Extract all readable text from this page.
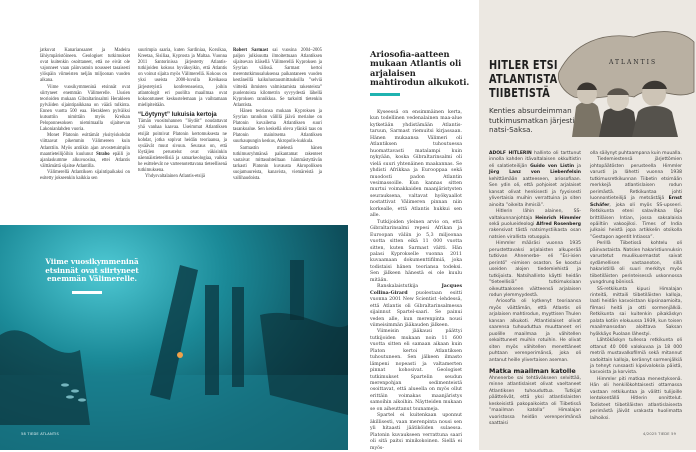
jatkuvat Kanariansaaret ja Madeira lähiympäristöineen. Geologiset tutkimukset ovat kuitenkin osoittaneet, että ne eivät ole vajonneet vaan päinvastoin nousseet tasaisesti ylöspäin viimeisten neljän miljoonan vuoden aikana.

Viime vuosikymmeninä etsinnät ovat siirtyneet enemmän Välimerelle. Uusien teorioiden mukaan Gibraltarinsalmi Herakleen pylväiden sijaintipaikkana on väärä tulkinta. Ennen vuotta 500 eaa. Herakleen pylväiksi kutsuttiin nimittäin myös Kreikan Peloponnesoksen niemimaalla sijaitsevan Lakonianlahden vuoria.

Monet Platonin esittämät yksityiskohdat viittaavat pikemmin Välimereen kuin Atlanttiin. Myös antiikin ajan arvostetuimpiin maantieteilijöihin kuulunut Strabo epäili jo ajanlaskumme alkuvuosina, ettei Atlantis välttämättä sijaitse Atlantilla.

Välimerellä Atlantiksen sijaintipaikaksi on esitetty jokseenkin kaikkia sen

suurimpia saaria, kuten Sardiniaa, Korsikaa, Kreetaa, Sisiliaa, Kyprosta ja Maltaa. Vuonna 2011 Santorinissa järjestetty Atlantis-tutkijoiden kokous hyväksyikin, että Atlantis on voinut sijaita myös Välimerellä. Kokous on yksi useista 2000-luvulla Kreikassa järjestetyistä konferensseista, joihin atlantologit eri puolilta maailmaa ovat kokoontuneet keskustelemaan ja vaihtamaan mielipiteitään.

“Löytynyt” lukuisia kertoja

Tämän vuosituhannen ”löydöt” noudattavat yhä vanhaa kaavaa. Useimmat Atlantiksen etsijät poimivat Platonin kertomuksesta ne kohdat, jotka sopivat heidän teoriaansa, ja sysäävät muut sivuun. Seuraus on, että löytäjien perustelut ovat väkisinkin näennäistieteellisiä ja satuarkeologiaa, vaikka he esittelevät ne varteenotettavana tieteellisenä tutkimuksena.

Yhdysvaltalainen Atlantis-etsijä

Robert Sarmast sai vuosina 2004–2005 paljon julkisuutta ilmoitettuaan Atlantiksen sijaitsevan itäisellä Välimerellä Kyproksen ja Syyrian välissä. Sarmast kertoi merentutkimusaluksensa paikantaneen vuoden kestäneillä kaikuluotausmittauksilla ”selviä viitteitä ihmisten valmistamista rakenteista” puolentoista kilometrin syvyydestä lähellä Kyproksen rannikkoa. Se tarkoitti tietenkin Atlantista.

Hänen teoriansa mukaan Kyproksen ja Syyrian rannikon välillä jäävä merialue on Platonin kuvailema Atlantiksen suuri tasankoalue. Sen keskellä oleva ylänkö taas on Platonin mainitsema Atlantiksen suurkaupungin keskus, Akropolis-kukkula.

Sarmastin mielestä hänen tutkimusryhmänsä paikantamat rakenteet vastaivat mittasuhteiltaan hämmästyttävän tarkasti Platonin kuvausta Akropoliksen suojamuureista, kanavista, viemäreistä ja vallihaudoista.

Viime vuosikymmeninä etsinnät ovat siirtyneet enemmän Välimerelle.
58 TIEDE ATLANTIS
Ariosofia-aatteen mukaan Atlantis oli arjalaisen mahtirodun alkukoti.

Kyseessä on ensimmäinen kerta, kun todellinen vedenalainen maa-alue kytketään yhdistämään Atlantis-taruun, Sarmast riemuitsi kirjassaan. Hänen mukaansa Välimeri oli Atlantiksen tuhoutuessa huomattavasti matalampi kuin nykyään, koska Gibraltarinsalmi oli vielä suuri yhtenäinen maakannas. Se yhdisti Afrikkaa ja Eurooppaa sekä muodosti padon Atlantin vesimassoille. Kun kannas sitten murtui voimakkaiden maanjäristysten seurauksena, valtavat hyökyaallot nostattivat Välimeren pinnan niin korkealle, että Atlantis hukkui sen alle.

Tutkijoiden yleinen arvio on, että Gibraltarinsalmi repesi Afrikan ja Euroopan väliin jo 5,3 miljoonaa vuotta sitten eikä 11 000 vuotta sitten, kuten Sarmast väitti. Hän palasi Kyprokselle vuonna 2011 kuvaamaan dokumenttifilmiä, joka todistaisi hänen teoriansa todeksi. Sen jälkeen hänestä ei ole kuulu mitään.

Ranskalaistutkija Jacques Collina-Girard puolestaan esitti vuonna 2001 New Scientist -lehdessä, että Atlantis oli Gibraltarinsalmessa sijainnut Spartel-saari. Se painui veden alle, kun merenpinta nousi viimeisimmän jääkauden jälkeen.

Viimeisin jääkausi päättyi tutkijoiden mukaan noin 11 600 vuotta sitten eli samaan aikaan kuin Platon kertoi Atlantiksen tuhoutuneen. Sen jälkeen ilmasto lämpeni nopeasti ja valtamerten pinnat kohosivat. Geologiset tutkimukset Spartelin seudun merenpohjan sedimenteistä osoittavat, että alueella on myös ollut erittäin voimakas maanjäristys samoihin aikoihin. Näytteiden mukaan se on aiheuttanut tsunameja.

Spartel ei kuitenkaan uponnut äkillisesti, vaan merenpinta nousi sen yli hitaasti jäätiköiden sulaessa. Platonin kuvaukseen verrattuna saari oli sitä paitsi minikokoinen. Siellä ei myös-

ATLANTIS
HITLER ETSI
ATLANTISTA
TIIBETISTÄ
Kenties absurdeimman tutkimusmatkan järjesti natsi-Saksa.

ADOLF HITLERIN hallinto oli tarttunut innolla kahden itävaltalaisen okkultistin eli salatieteilijän Guido von Listin ja Jörg Lanz von Liebenfelsin kehittämään aatteeseen, ariosofiaan. Sen ydin oli, että pohjoiset arjalaiset kansat olivat henkisesti ja fyysisesti ylivertaisia muihin verrattuina ja siten ainoita ”oikeita ihmisiä”.

Hitlerin lähin alainen, SS-valtakunnanjohtaja Heinrich Himmler sekä puolueideologi Alfred Rosenberg rakensivat tästä natsimystiikasta osan natsien virallista rotuoppia.

Himmler määräsi vuonna 1935 perustettavaksi arjalaisten alkuperää tutkivan Ahnenerbe- eli ”Esi-isien perintö” -nimisen osaston. Se koostui useiden alojen tiedemiehistä ja tutkijoista. Natsihallinto käytti heidän ”tieteellisiä” tutkimuksiaan oikeuttaakseen väitteensä arjalaisen rodun ylemmyydestä.

Ariosofia oli kytkenyt teoriaansa myös väittämän, että Atlantis oli arjalaisen mahtirodun, myyttisen Thulen kansan alkukoti. Atlantislaiset olivat saarensa tuhouduttua muuttaneet eri puolille maailmaa ja vähitellen sekoittuneet muihin rotuihin. He olivat siten myös vähitellen menettäneet puhtaan verenperimänsä, joka oli antanut heille ylivertaisen aseman.

Matka maailman katolle

Ahnenerbe sai tehtäväkseen selvittää, minne atlantislaiset olivat vaeltaneet Atlantiksen tuhouduttua. Tutkijat päättelivät, että yksi atlantislaisten keskeisistä pakopaikoista oli Tiibetissä ”maailman katolla” Himalajan vuoristossa heidän verenperimänsä saattaisi

olla säilynyt puhtaampana kuin muualla.

Tiedemiestensä järjettömien johtopäätösten perusteella Himmler varusti ja lähetti vuonna 1938 tutkimusretkikunnan Tiibetin etsimään merkkejä atlantislaisen rodun perimästä. Retkikuntaa johti luonnontieteilijä ja metsästäjä Ernst Schäfer, joka oli myös SS-upseeri. Retkikunta eteni salavihkaa läpi brittiläisen Intian, jossa saksalaisia epäiltiin vakoojiksi. Times of India julkaisi heistä jopa artikkelin otsikolla ”Gestapon agentit Intiassa”.

Perillä Tiibetissä kohtelu oli päinvastaista. Natsien hakaristiunnuksin varustetut muulikuormastot saivat sydämellisen vastaanoton, sillä hakaristillä oli suuri merkitys myös tiibetiläisten perinteisessä uskonnossa yungdrung bönissä.

SS-retkikunta kipusi Himalajan rinteitä, mittaili tiibetiläisten kalloja, laati heidän kasvoistaan kipsinaamioita, filmasi heitä ja otti sormenjälkiä. Retkikunta sai kuitenkin pikakäskyn palata kotiin elokuussa 1939, kun toisen maailmansodan aloittava Saksan hyökkäys Puolaan lähestyi.

Lähtökäskyn tullessa retkikunta oli ottanut 40 000 valokuvaa ja 18 000 metriä mustavalkofilmiä sekä mitannut sadoittain kalloja, kerännyt sormenjälkiä ja tehnyt runsaasti kipsivaloksia päistä, kasvoista ja korvista.

Himmler piti matkaa menestyksenä. Hän oli henkilökohtaisesti ottamassa vastaan retkikuntaa ja välitti tulijoille lentokentällä Hitlerin onnittelut. Todisteet tiibetiläisten atlantislaisesta perimästä jäivät urakasta huolimatta laihoiksi.

4/2025 TIEDE 59
